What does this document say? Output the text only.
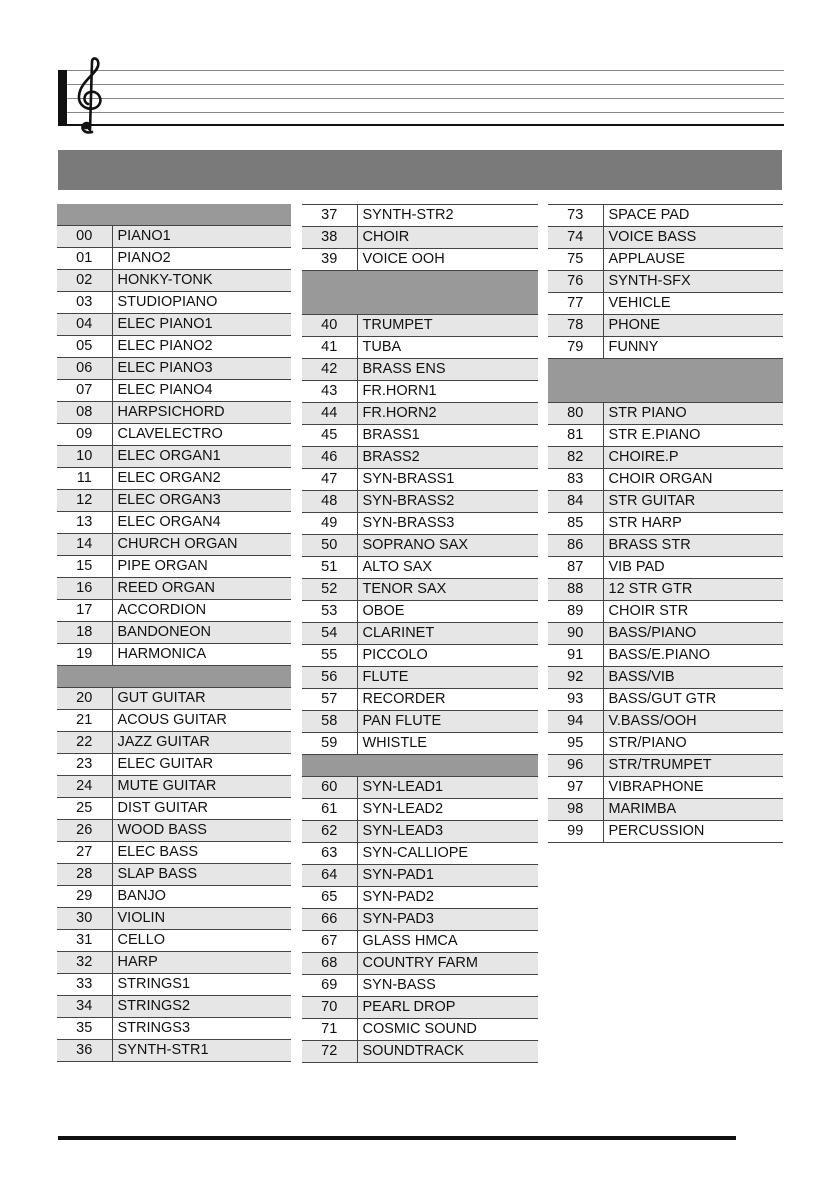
00	PIANO1
01	PIANO2
02	HONKY-TONK
03	STUDIOPIANO
04	ELEC PIANO1
05	ELEC PIANO2
06	ELEC PIANO3
07	ELEC PIANO4
08	HARPSICHORD
09	CLAVELECTRO
10	ELEC ORGAN1
11	ELEC ORGAN2
12	ELEC ORGAN3
13	ELEC ORGAN4
14	CHURCH ORGAN
15	PIPE ORGAN
16	REED ORGAN
17	ACCORDION
18	BANDONEON
19	HARMONICA

20	GUT GUITAR
21	ACOUS GUITAR
22	JAZZ GUITAR
23	ELEC GUITAR
24	MUTE GUITAR
25	DIST GUITAR
26	WOOD BASS
27	ELEC BASS
28	SLAP BASS
29	BANJO
30	VIOLIN
31	CELLO
32	HARP
33	STRINGS1
34	STRINGS2
35	STRINGS3
36	SYNTH-STR1
37	SYNTH-STR2
38	CHOIR
39	VOICE OOH

40	TRUMPET
41	TUBA
42	BRASS ENS
43	FR.HORN1
44	FR.HORN2
45	BRASS1
46	BRASS2
47	SYN-BRASS1
48	SYN-BRASS2
49	SYN-BRASS3
50	SOPRANO SAX
51	ALTO SAX
52	TENOR SAX
53	OBOE
54	CLARINET
55	PICCOLO
56	FLUTE
57	RECORDER
58	PAN FLUTE
59	WHISTLE

60	SYN-LEAD1
61	SYN-LEAD2
62	SYN-LEAD3
63	SYN-CALLIOPE
64	SYN-PAD1
65	SYN-PAD2
66	SYN-PAD3
67	GLASS HMCA
68	COUNTRY FARM
69	SYN-BASS
70	PEARL DROP
71	COSMIC SOUND
72	SOUNDTRACK
73	SPACE PAD
74	VOICE BASS
75	APPLAUSE
76	SYNTH-SFX
77	VEHICLE
78	PHONE
79	FUNNY

80	STR PIANO
81	STR E.PIANO
82	CHOIRE.P
83	CHOIR ORGAN
84	STR GUITAR
85	STR HARP
86	BRASS STR
87	VIB PAD
88	12 STR GTR
89	CHOIR STR
90	BASS/PIANO
91	BASS/E.PIANO
92	BASS/VIB
93	BASS/GUT GTR
94	V.BASS/OOH
95	STR/PIANO
96	STR/TRUMPET
97	VIBRAPHONE
98	MARIMBA
99	PERCUSSION
